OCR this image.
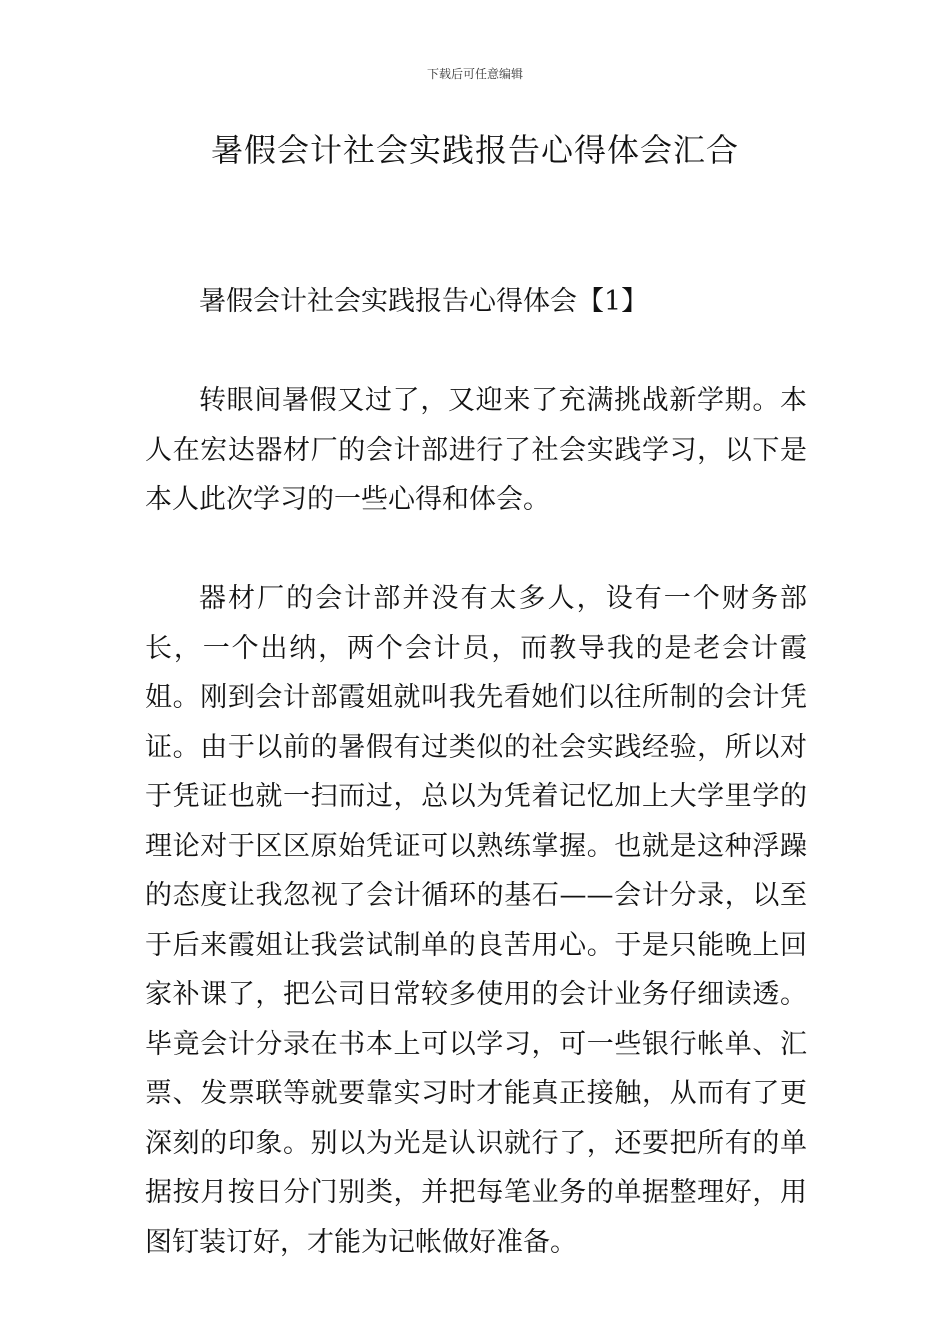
下载后可任意编辑
暑假会计社会实践报告心得体会汇合
暑假会计社会实践报告心得体会【1】

转眼间暑假又过了，又迎来了充满挑战新学期。本人在宏达器材厂的会计部进行了社会实践学习，以下是本人此次学习的一些心得和体会。

器材厂的会计部并没有太多人，设有一个财务部长，一个出纳，两个会计员，而教导我的是老会计霞姐。刚到会计部霞姐就叫我先看她们以往所制的会计凭证。由于以前的暑假有过类似的社会实践经验，所以对于凭证也就一扫而过，总以为凭着记忆加上大学里学的理论对于区区原始凭证可以熟练掌握。也就是这种浮躁的态度让我忽视了会计循环的基石——会计分录，以至于后来霞姐让我尝试制单的良苦用心。于是只能晚上回家补课了，把公司日常较多使用的会计业务仔细读透。毕竟会计分录在书本上可以学习，可一些银行帐单、汇票、发票联等就要靠实习时才能真正接触，从而有了更深刻的印象。别以为光是认识就行了，还要把所有的单据按月按日分门别类，并把每笔业务的单据整理好，用图钉装订好，才能为记帐做好准备。
